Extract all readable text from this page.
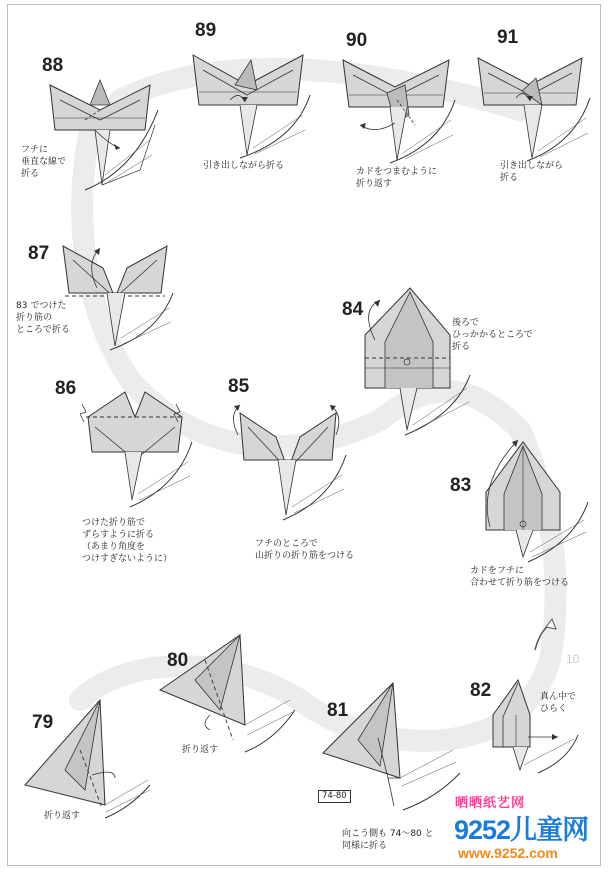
10
88
フチに
垂直な線で
折る
89
引き出しながら折る
90
カドをつまむように
折り返す
91
引き出しながら
折る
87
83 でつけた
折り筋の
ところで折る
84
後ろで
ひっかかるところで
折る
86
つけた折り筋で
ずらすように折る
（あまり角度を
つけすぎないように）
85
フチのところで
山折りの折り筋をつける
83
カドをフチに
合わせて折り筋をつける
80
折り返す
82	真ん中で
ひらく
79
折り返す
81
74-80
向こう側も 74～80 と
同様に折る
晒晒纸艺网
9252儿童网
www.9252.com
